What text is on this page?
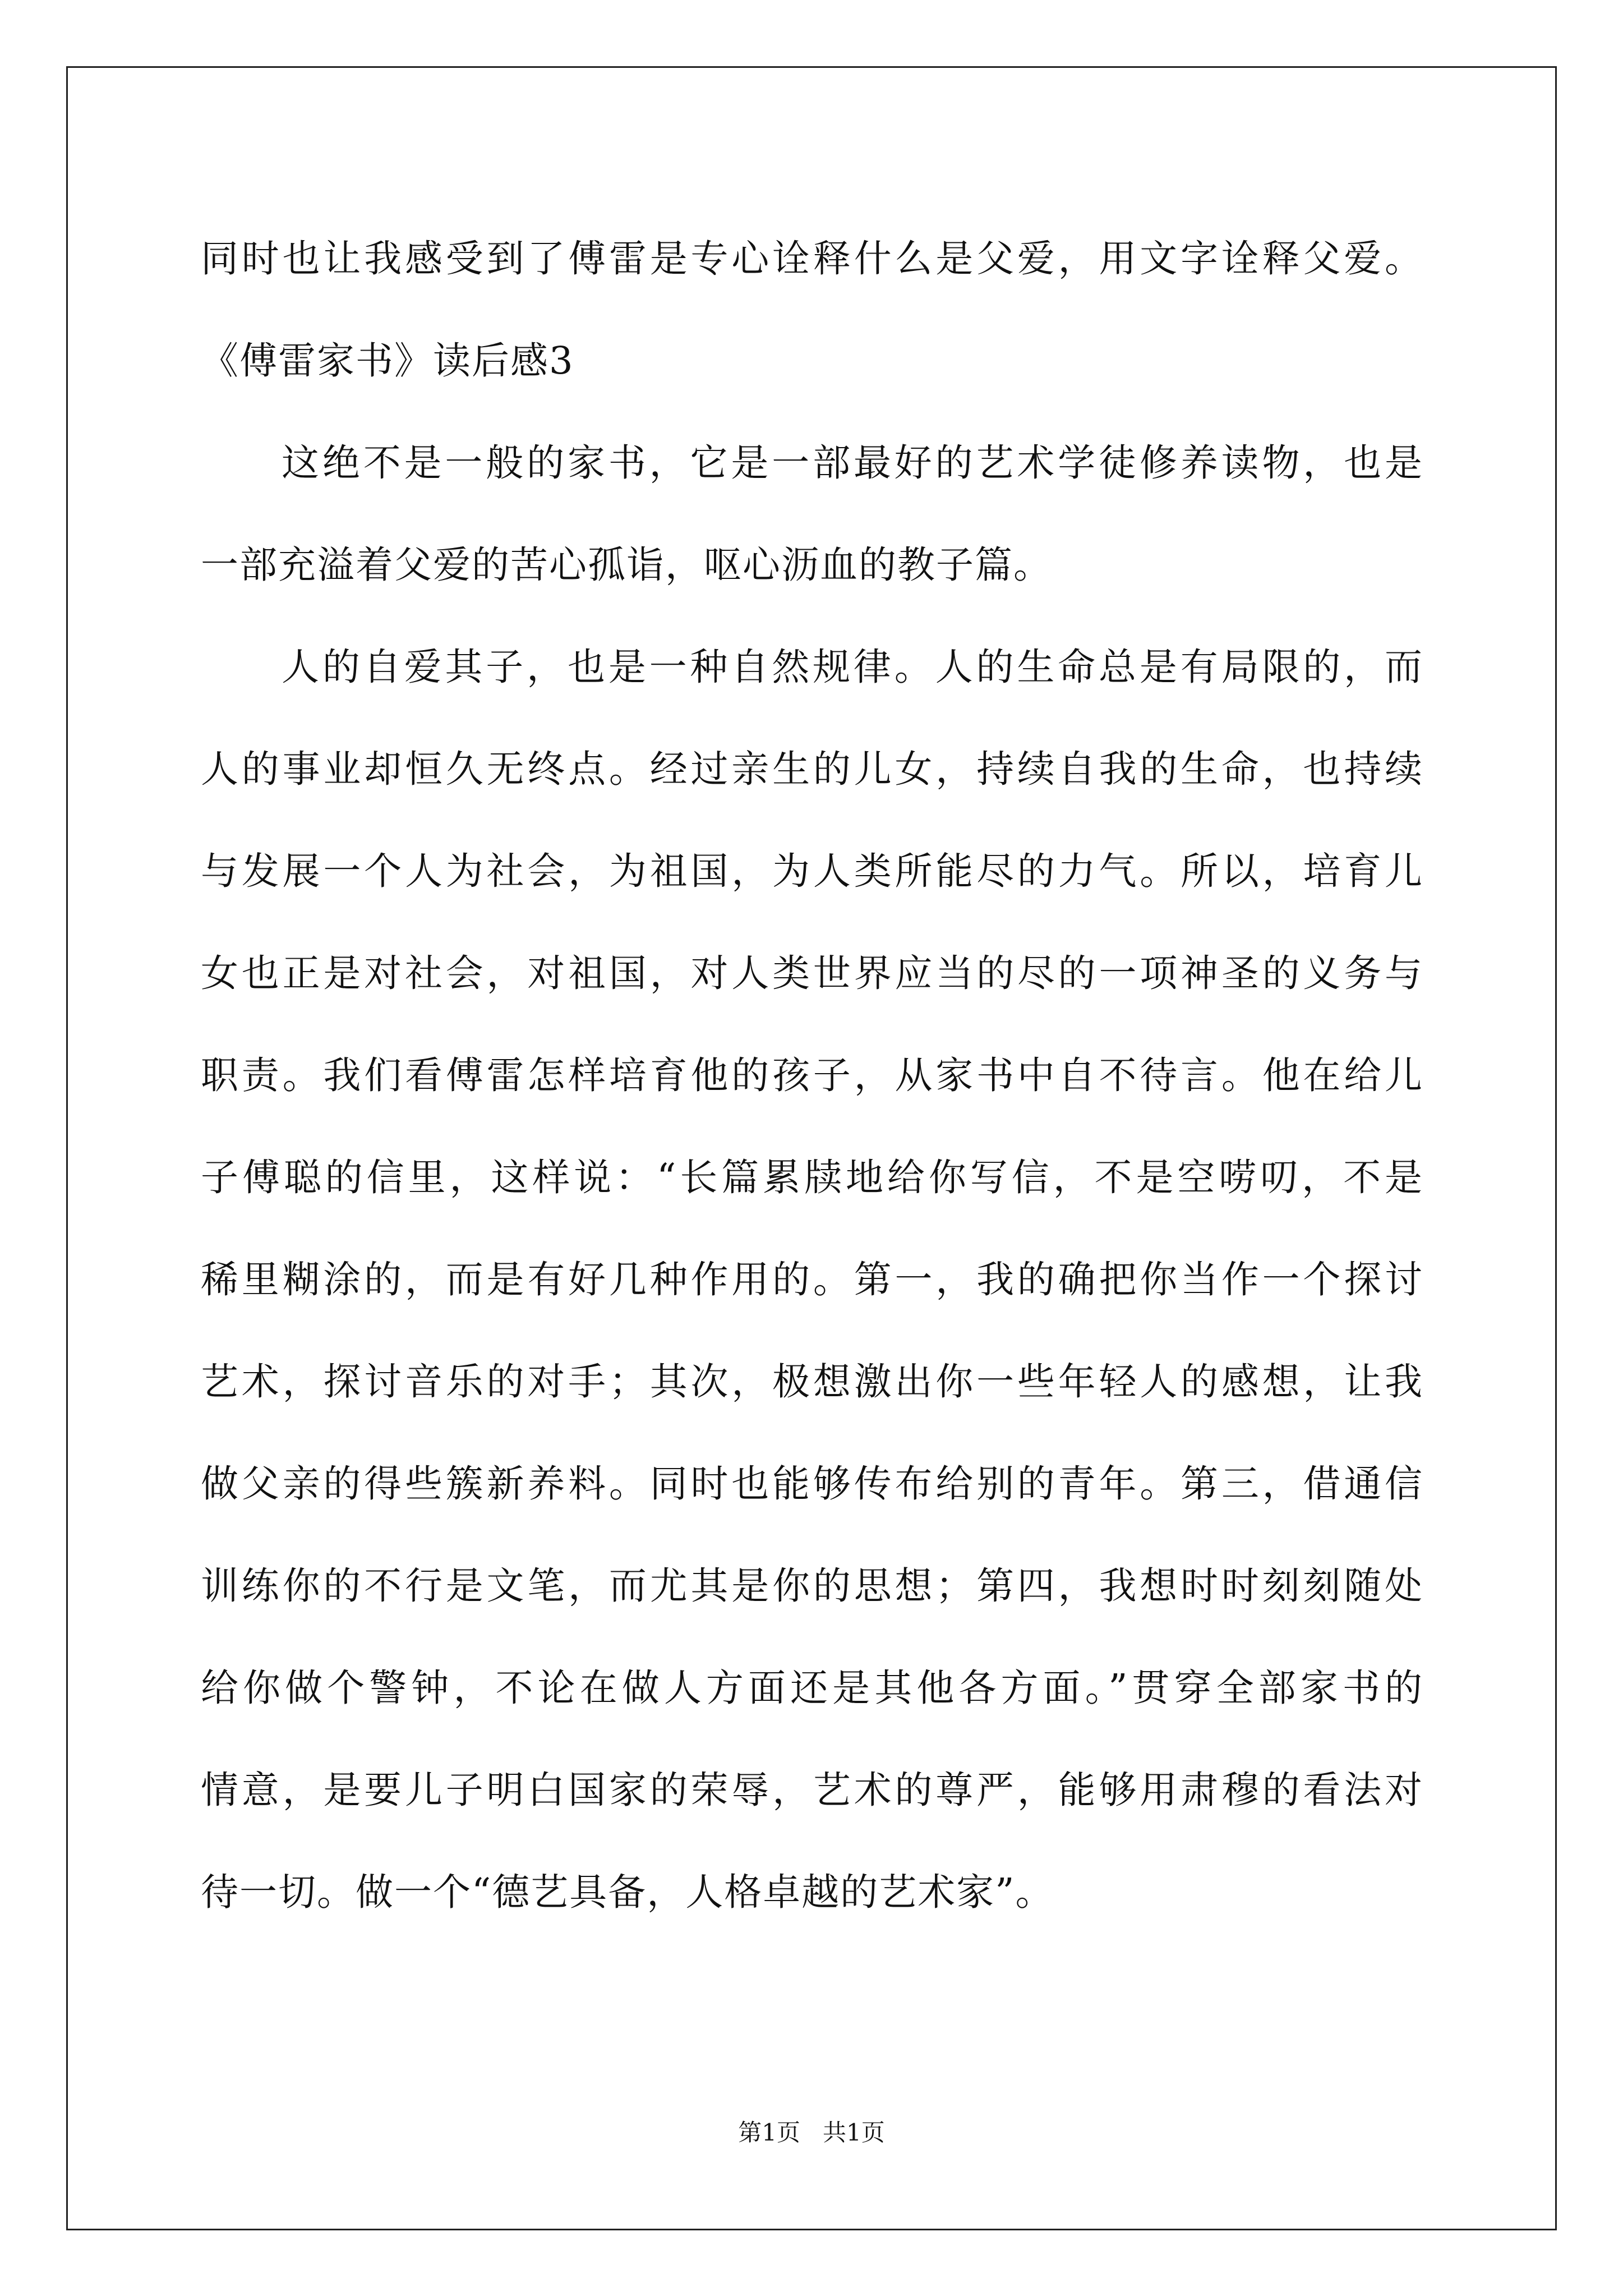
同时也让我感受到了傅雷是专心诠释什么是父爱，用文字诠释父爱。
《傅雷家书》读后感3
这绝不是一般的家书，它是一部最好的艺术学徒修养读物，也是
一部充溢着父爱的苦心孤诣，呕心沥血的教子篇。
人的自爱其子，也是一种自然规律。人的生命总是有局限的，而
人的事业却恒久无终点。经过亲生的儿女，持续自我的生命，也持续
与发展一个人为社会，为祖国，为人类所能尽的力气。所以，培育儿
女也正是对社会，对祖国，对人类世界应当的尽的一项神圣的义务与
职责。我们看傅雷怎样培育他的孩子，从家书中自不待言。他在给儿
子傅聪的信里，这样说：“长篇累牍地给你写信，不是空唠叨，不是
稀里糊涂的，而是有好几种作用的。第一，我的确把你当作一个探讨
艺术，探讨音乐的对手；其次，极想激出你一些年轻人的感想，让我
做父亲的得些簇新养料。同时也能够传布给别的青年。第三，借通信
训练你的不行是文笔，而尤其是你的思想；第四，我想时时刻刻随处
给你做个警钟，不论在做人方面还是其他各方面。”贯穿全部家书的
情意，是要儿子明白国家的荣辱，艺术的尊严，能够用肃穆的看法对
待一切。做一个“德艺具备，人格卓越的艺术家”。
第1页   共1页
